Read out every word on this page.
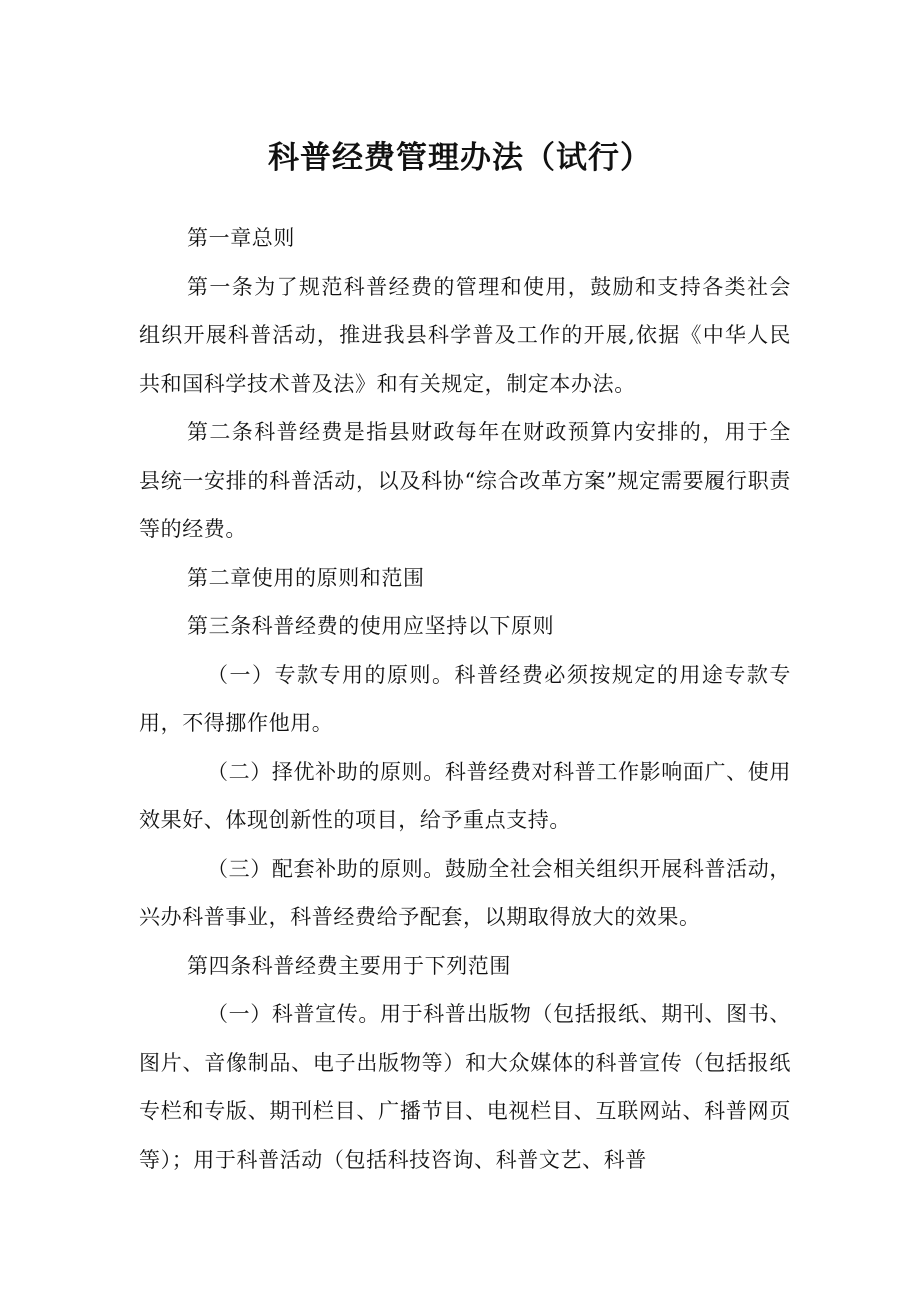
科普经费管理办法（试行）

第一章总则

第一条为了规范科普经费的管理和使用，鼓励和支持各类社会组织开展科普活动，推进我县科学普及工作的开展,依据《中华人民共和国科学技术普及法》和有关规定，制定本办法。

第二条科普经费是指县财政每年在财政预算内安排的，用于全县统一安排的科普活动，以及科协“综合改革方案”规定需要履行职责等的经费。

第二章使用的原则和范围

第三条科普经费的使用应坚持以下原则

（一）专款专用的原则。科普经费必须按规定的用途专款专用，不得挪作他用。

（二）择优补助的原则。科普经费对科普工作影响面广、使用效果好、体现创新性的项目，给予重点支持。

（三）配套补助的原则。鼓励全社会相关组织开展科普活动，兴办科普事业，科普经费给予配套，以期取得放大的效果。

第四条科普经费主要用于下列范围

（一）科普宣传。用于科普出版物（包括报纸、期刊、图书、图片、音像制品、电子出版物等）和大众媒体的科普宣传（包括报纸专栏和专版、期刊栏目、广播节目、电视栏目、互联网站、科普网页等）；用于科普活动（包括科技咨询、科普文艺、科普
